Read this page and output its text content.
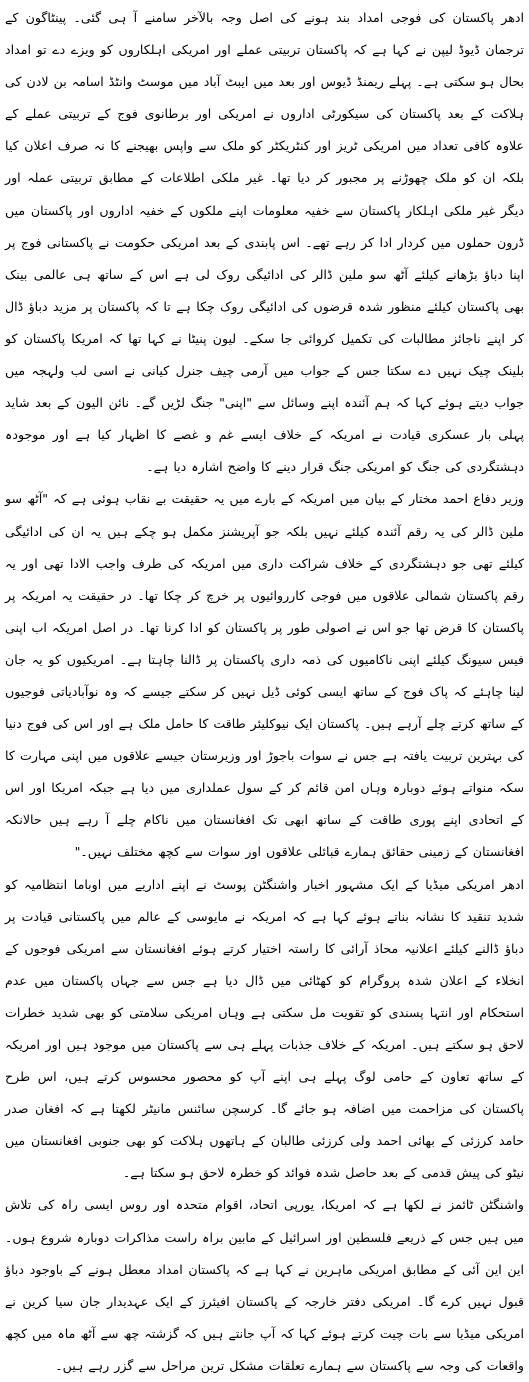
ادھر پاکستان کی فوجی امداد بند ہونے کی اصل وجہ بالآخر سامنے آ ہی گئی۔ پینٹاگون کے ترجمان ڈیوڈ لیپن نے کہا ہے کہ پاکستان تربیتی عملے اور امریکی اہلکاروں کو ویزے دے تو امداد بحال ہو سکتی ہے۔ پہلے ریمنڈ ڈیوس اور بعد میں ایبٹ آباد میں موسٹ وانٹڈ اسامہ بن لادن کی ہلاکت کے بعد پاکستان کی سیکورٹی اداروں نے امریکی اور برطانوی فوج کے تربیتی عملے کے علاوہ کافی تعداد میں امریکی ٹریز اور کنٹریکٹر کو ملک سے واپس بھیجنے کا نہ صرف اعلان کیا بلکہ ان کو ملک چھوڑنے پر مجبور کر دیا تھا۔ غیر ملکی اطلاعات کے مطابق تربیتی عملہ اور دیگر غیر ملکی اہلکار پاکستان سے خفیہ معلومات اپنے ملکوں کے خفیہ اداروں اور پاکستان میں ڈرون حملوں میں کردار ادا کر رہے تھے۔ اس پابندی کے بعد امریکی حکومت نے پاکستانی فوج پر اپنا دباؤ بڑھانے کیلئے آٹھ سو ملین ڈالر کی ادائیگی روک لی ہے اس کے ساتھ ہی عالمی بینک بھی پاکستان کیلئے منظور شدہ قرضوں کی ادائیگی روک چکا ہے تا کہ پاکستان پر مزید دباؤ ڈال کر اپنے ناجائز مطالبات کی تکمیل کروائی جا سکے۔ لیون پنیٹا نے کہا تھا کہ امریکا پاکستان کو بلینک چیک نہیں دے سکتا جس کے جواب میں آرمی چیف جنرل کیانی نے اسی لب ولہجہ میں جواب دیتے ہوئے کہا کہ ہم آئندہ اپنے وسائل سے "اپنی" جنگ لڑیں گے۔ نائن الیون کے بعد شاید پہلی بار عسکری قیادت نے امریکہ کے خلاف ایسے غم و غصے کا اظہار کیا ہے اور موجودہ دہشتگردی کی جنگ کو امریکی جنگ قرار دینے کا واضح اشارہ دیا ہے۔

وزیر دفاع احمد مختار کے بیان میں امریکہ کے بارے میں یہ حقیقت بے نقاب ہوئی ہے کہ "آٹھ سو ملین ڈالر کی یہ رقم آئندہ کیلئے نہیں بلکہ جو آپریشنز مکمل ہو چکے ہیں یہ ان کی ادائیگی کیلئے تھی جو دہشتگردی کے خلاف شراکت داری میں امریکہ کی طرف واجب الادا تھی اور یہ رقم پاکستان شمالی علاقوں میں فوجی کارروائیوں پر خرچ کر چکا تھا۔ در حقیقت یہ امریکہ پر پاکستان کا قرض تھا جو اس نے اصولی طور پر پاکستان کو ادا کرنا تھا۔ در اصل امریکہ اب اپنی فیس سیونگ کیلئے اپنی ناکامیوں کی ذمہ داری پاکستان پر ڈالنا چاہتا ہے۔ امریکیوں کو یہ جان لینا چاہئے کہ پاک فوج کے ساتھ ایسی کوئی ڈیل نہیں کر سکتے جیسے کہ وہ نوآبادیاتی فوجیوں کے ساتھ کرتے چلے آرہے ہیں۔ پاکستان ایک نیوکلیئر طاقت کا حامل ملک ہے اور اس کی فوج دنیا کی بہترین تربیت یافتہ ہے جس نے سوات باجوڑ اور وزیرستان جیسے علاقوں میں اپنی مہارت کا سکہ منواتے ہوئے دوبارہ وہاں امن قائم کر کے سول عملداری میں دیا ہے جبکہ امریکا اور اس کے اتحادی اپنے پوری طاقت کے ساتھ ابھی تک افغانستان میں ناکام چلے آ رہے ہیں حالانکہ افغانستان کے زمینی حقائق ہمارے قبائلی علاقوں اور سوات سے کچھ مختلف نہیں۔"

ادھر امریکی میڈیا کے ایک مشہور اخبار واشنگٹن پوسٹ نے اپنے اداریے میں اوباما انتظامیہ کو شدید تنقید کا نشانہ بناتے ہوئے کہا ہے کہ امریکہ نے مایوسی کے عالم میں پاکستانی قیادت پر دباؤ ڈالنے کیلئے اعلانیہ محاذ آرائی کا راستہ اختیار کرتے ہوئے افغانستان سے امریکی فوجوں کے انخلاء کے اعلان شدہ پروگرام کو کھٹائی میں ڈال دیا ہے جس سے جہاں پاکستان میں عدم استحکام اور انتہا پسندی کو تقویت مل سکتی ہے وہاں امریکی سلامتی کو بھی شدید خطرات لاحق ہو سکتے ہیں۔ امریکہ کے خلاف جذبات پہلے ہی سے پاکستان میں موجود ہیں اور امریکہ کے ساتھ تعاون کے حامی لوگ پہلے ہی اپنے آپ کو محصور محسوس کرتے ہیں، اس طرح پاکستان کی مزاحمت میں اضافہ ہو جائے گا۔ کرسچن سائنس مانیٹر لکھتا ہے کہ افغان صدر حامد کرزئی کے بھائی احمد ولی کرزئی طالبان کے ہاتھوں ہلاکت کو بھی جنوبی افغانستان میں نیٹو کی پیش قدمی کے بعد حاصل شدہ فوائد کو خطرہ لاحق ہو سکتا ہے۔

واشنگٹن ٹائمز نے لکھا ہے کہ امریکا، یورپی اتحاد، اقوام متحدہ اور روس ایسی راہ کی تلاش میں ہیں جس کے ذریعے فلسطین اور اسرائیل کے مابین براہ راست مذاکرات دوبارہ شروع ہوں۔ این این آئی کے مطابق امریکی ماہرین نے کہا ہے کہ پاکستان امداد معطل ہونے کے باوجود دباؤ قبول نہیں کرے گا۔ امریکی دفتر خارجہ کے پاکستان افیئرز کے ایک عہدیدار جان سیا کرین نے امریکی میڈیا سے بات چیت کرتے ہوئے کہا کہ آپ جانتے ہیں کہ گزشتہ چھ سے آٹھ ماہ میں کچھ واقعات کی وجہ سے پاکستان سے ہمارے تعلقات مشکل ترین مراحل سے گزر رہے ہیں۔
